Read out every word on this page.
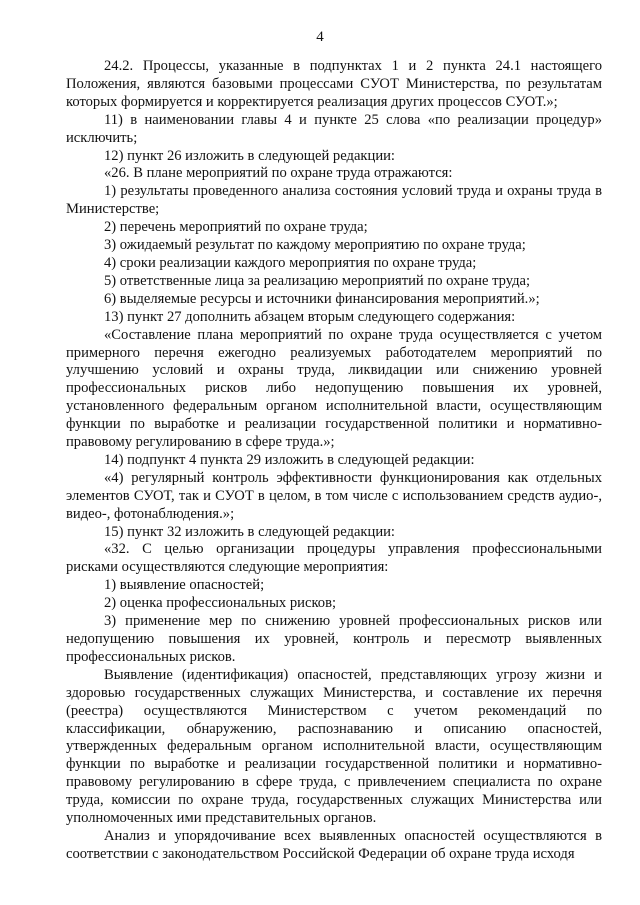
4

24.2. Процессы, указанные в подпунктах 1 и 2 пункта 24.1 настоящего Положения, являются базовыми процессами СУОТ Министерства, по результатам которых формируется и корректируется реализация других процессов СУОТ.»;

11) в наименовании главы 4 и пункте 25 слова «по реализации процедур» исключить;

12) пункт 26 изложить в следующей редакции:

«26. В плане мероприятий по охране труда отражаются:

1) результаты проведенного анализа состояния условий труда и охраны труда в Министерстве;

2) перечень мероприятий по охране труда;

3) ожидаемый результат по каждому мероприятию по охране труда;

4) сроки реализации каждого мероприятия по охране труда;

5) ответственные лица за реализацию мероприятий по охране труда;

6) выделяемые ресурсы и источники финансирования мероприятий.»;

13) пункт 27 дополнить абзацем вторым следующего содержания:

«Составление плана мероприятий по охране труда осуществляется с учетом примерного перечня ежегодно реализуемых работодателем мероприятий по улучшению условий и охраны труда, ликвидации или снижению уровней профессиональных рисков либо недопущению повышения их уровней, установленного федеральным органом исполнительной власти, осуществляющим функции по выработке и реализации государственной политики и нормативно-правовому регулированию в сфере труда.»;

14) подпункт 4 пункта 29 изложить в следующей редакции:

«4) регулярный контроль эффективности функционирования как отдельных элементов СУОТ, так и СУОТ в целом, в том числе с использованием средств аудио-, видео-, фотонаблюдения.»;

15) пункт 32 изложить в следующей редакции:

«32. С целью организации процедуры управления профессиональными рисками осуществляются следующие мероприятия:

1) выявление опасностей;

2) оценка профессиональных рисков;

3) применение мер по снижению уровней профессиональных рисков или недопущению повышения их уровней, контроль и пересмотр выявленных профессиональных рисков.

Выявление (идентификация) опасностей, представляющих угрозу жизни и здоровью государственных служащих Министерства, и составление их перечня (реестра) осуществляются Министерством с учетом рекомендаций по классификации, обнаружению, распознаванию и описанию опасностей, утвержденных федеральным органом исполнительной власти, осуществляющим функции по выработке и реализации государственной политики и нормативно-правовому регулированию в сфере труда, с привлечением специалиста по охране труда, комиссии по охране труда, государственных служащих Министерства или уполномоченных ими представительных органов.

Анализ и упорядочивание всех выявленных опасностей осуществляются в соответствии с законодательством Российской Федерации об охране труда исходя
